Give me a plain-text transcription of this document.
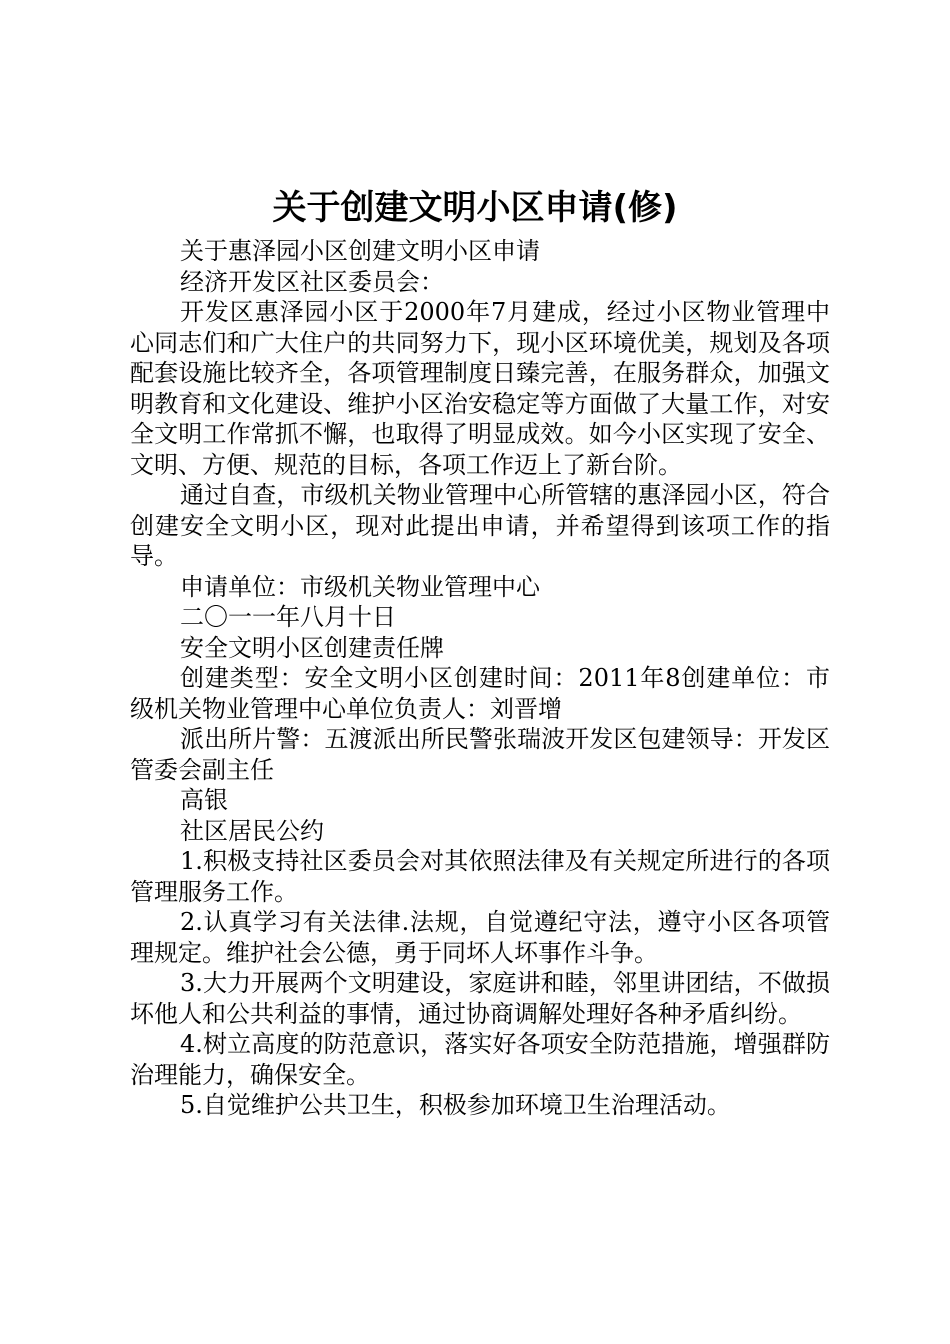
关于创建文明小区申请(修)

关于惠泽园小区创建文明小区申请

经济开发区社区委员会：

开发区惠泽园小区于2000年7月建成，经过小区物业管理中心同志们和广大住户的共同努力下，现小区环境优美，规划及各项配套设施比较齐全，各项管理制度日臻完善，在服务群众，加强文明教育和文化建设、维护小区治安稳定等方面做了大量工作，对安全文明工作常抓不懈，也取得了明显成效。如今小区实现了安全、文明、方便、规范的目标，各项工作迈上了新台阶。

通过自查，市级机关物业管理中心所管辖的惠泽园小区，符合创建安全文明小区，现对此提出申请，并希望得到该项工作的指导。

申请单位：市级机关物业管理中心

二〇一一年八月十日

安全文明小区创建责任牌

创建类型：安全文明小区创建时间：2011年8创建单位：市级机关物业管理中心单位负责人：刘晋增

派出所片警：五渡派出所民警张瑞波开发区包建领导：开发区管委会副主任

高银

社区居民公约

1.积极支持社区委员会对其依照法律及有关规定所进行的各项管理服务工作。

2.认真学习有关法律.法规，自觉遵纪守法，遵守小区各项管理规定。维护社会公德，勇于同坏人坏事作斗争。

3.大力开展两个文明建设，家庭讲和睦，邻里讲团结，不做损坏他人和公共利益的事情，通过协商调解处理好各种矛盾纠纷。

4.树立高度的防范意识，落实好各项安全防范措施，增强群防治理能力，确保安全。

5.自觉维护公共卫生，积极参加环境卫生治理活动。
